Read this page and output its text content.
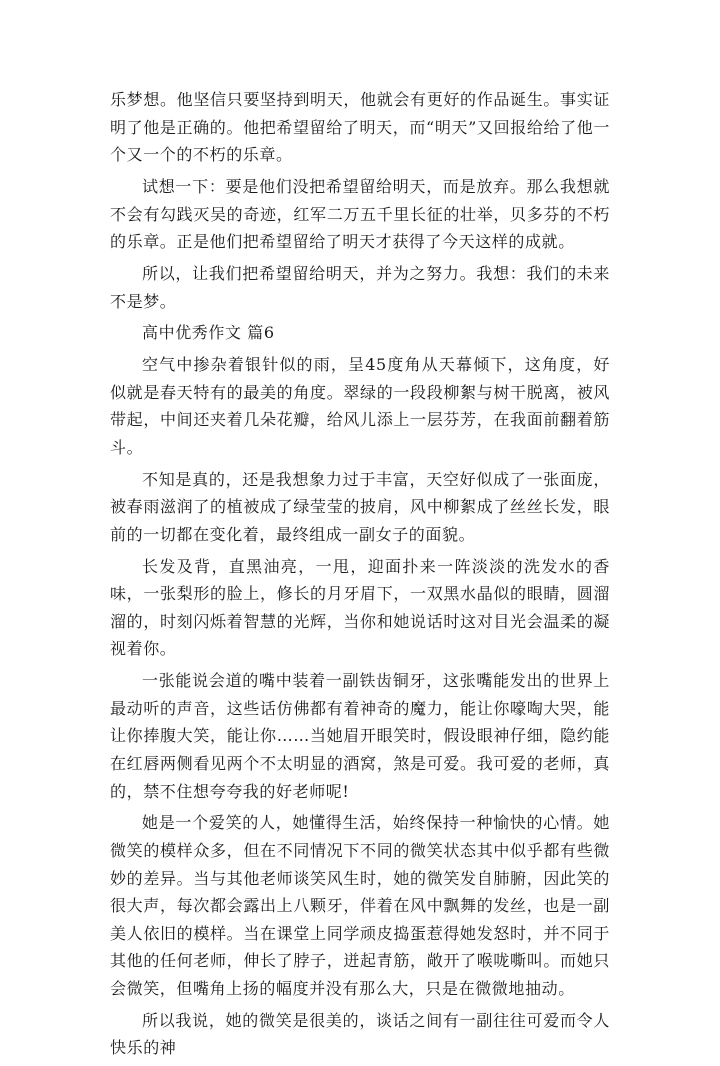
乐梦想。他坚信只要坚持到明天，他就会有更好的作品诞生。事实证明了他是正确的。他把希望留给了明天，而“明天”又回报给给了他一个又一个的不朽的乐章。

试想一下：要是他们没把希望留给明天，而是放弃。那么我想就不会有勾践灭吴的奇迹，红军二万五千里长征的壮举，贝多芬的不朽的乐章。正是他们把希望留给了明天才获得了今天这样的成就。

所以，让我们把希望留给明天，并为之努力。我想：我们的未来不是梦。

高中优秀作文 篇6

空气中掺杂着银针似的雨，呈45度角从天幕倾下，这角度，好似就是春天特有的最美的角度。翠绿的一段段柳絮与树干脱离，被风带起，中间还夹着几朵花瓣，给风儿添上一层芬芳，在我面前翻着筋斗。

不知是真的，还是我想象力过于丰富，天空好似成了一张面庞，被春雨滋润了的植被成了绿莹莹的披肩，风中柳絮成了丝丝长发，眼前的一切都在变化着，最终组成一副女子的面貌。

长发及背，直黑油亮，一甩，迎面扑来一阵淡淡的洗发水的香味，一张梨形的脸上，修长的月牙眉下，一双黑水晶似的眼睛，圆溜溜的，时刻闪烁着智慧的光辉，当你和她说话时这对目光会温柔的凝视着你。

一张能说会道的嘴中装着一副铁齿铜牙，这张嘴能发出的世界上最动听的声音，这些话仿佛都有着神奇的魔力，能让你嚎啕大哭，能让你捧腹大笑，能让你……当她眉开眼笑时，假设眼神仔细，隐约能在红唇两侧看见两个不太明显的酒窝，煞是可爱。我可爱的老师，真的，禁不住想夸夸我的好老师呢!

她是一个爱笑的人，她懂得生活，始终保持一种愉快的心情。她微笑的模样众多，但在不同情况下不同的微笑状态其中似乎都有些微妙的差异。当与其他老师谈笑风生时，她的微笑发自肺腑，因此笑的很大声，每次都会露出上八颗牙，伴着在风中飘舞的发丝，也是一副美人依旧的模样。当在课堂上同学顽皮捣蛋惹得她发怒时，并不同于其他的任何老师，伸长了脖子，迸起青筋，敞开了喉咙嘶叫。而她只会微笑，但嘴角上扬的幅度并没有那么大，只是在微微地抽动。

所以我说，她的微笑是很美的，谈话之间有一副往往可爱而令人快乐的神
